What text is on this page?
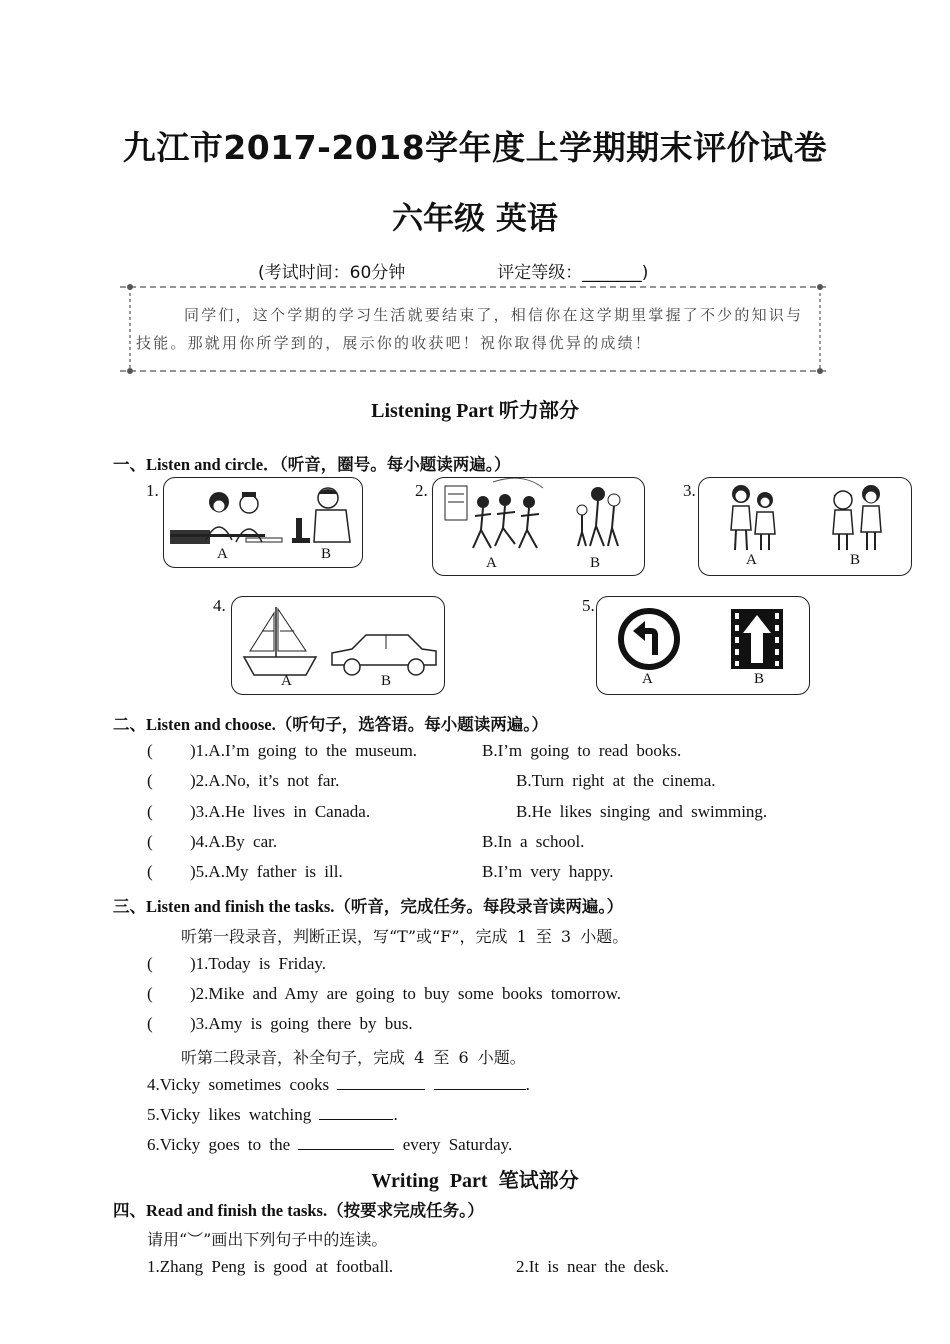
九江市2017-2018学年度上学期期末评价试卷
六年级 英语
(考试时间：60分钟	评定等级：_______)
同学们，这个学期的学习生活就要结束了，相信你在这学期里掌握了不少的知识与技能。那就用你所学到的，展示你的收获吧！祝你取得优异的成绩！
Listening Part 听力部分
一、Listen and circle．（听音，圈号。每小题读两遍。）
1.
A	B
2.
A	B
3.
A	B
4.
A	B
5.
A	B
二、Listen and choose.（听句子，选答语。每小题读两遍。）
( )1.A.I’m going to the museum.	B.I’m going to read books.
( )2.A.No, it’s not far.	B.Turn right at the cinema.
( )3.A.He lives in Canada.	B.He likes singing and swimming.
( )4.A.By car.	B.In a school.
( )5.A.My father is ill.	B.I’m very happy.
三、Listen and finish the tasks.（听音，完成任务。每段录音读两遍。）
听第一段录音，判断正误，写“T”或“F”，完成 1 至 3 小题。
( )1.Today is Friday.
( )2.Mike and Amy are going to buy some books tomorrow.
( )3.Amy is going there by bus.
听第二段录音，补全句子，完成 4 至 6 小题。
4.Vicky sometimes cooks	.
5.Vicky likes watching	.
6.Vicky goes to the	every Saturday.
Writing Part 笔试部分
四、Read and finish the tasks.（按要求完成任务。）
请用“︶”画出下列句子中的连读。
1.Zhang Peng is good at football.	2.It is near the desk.
